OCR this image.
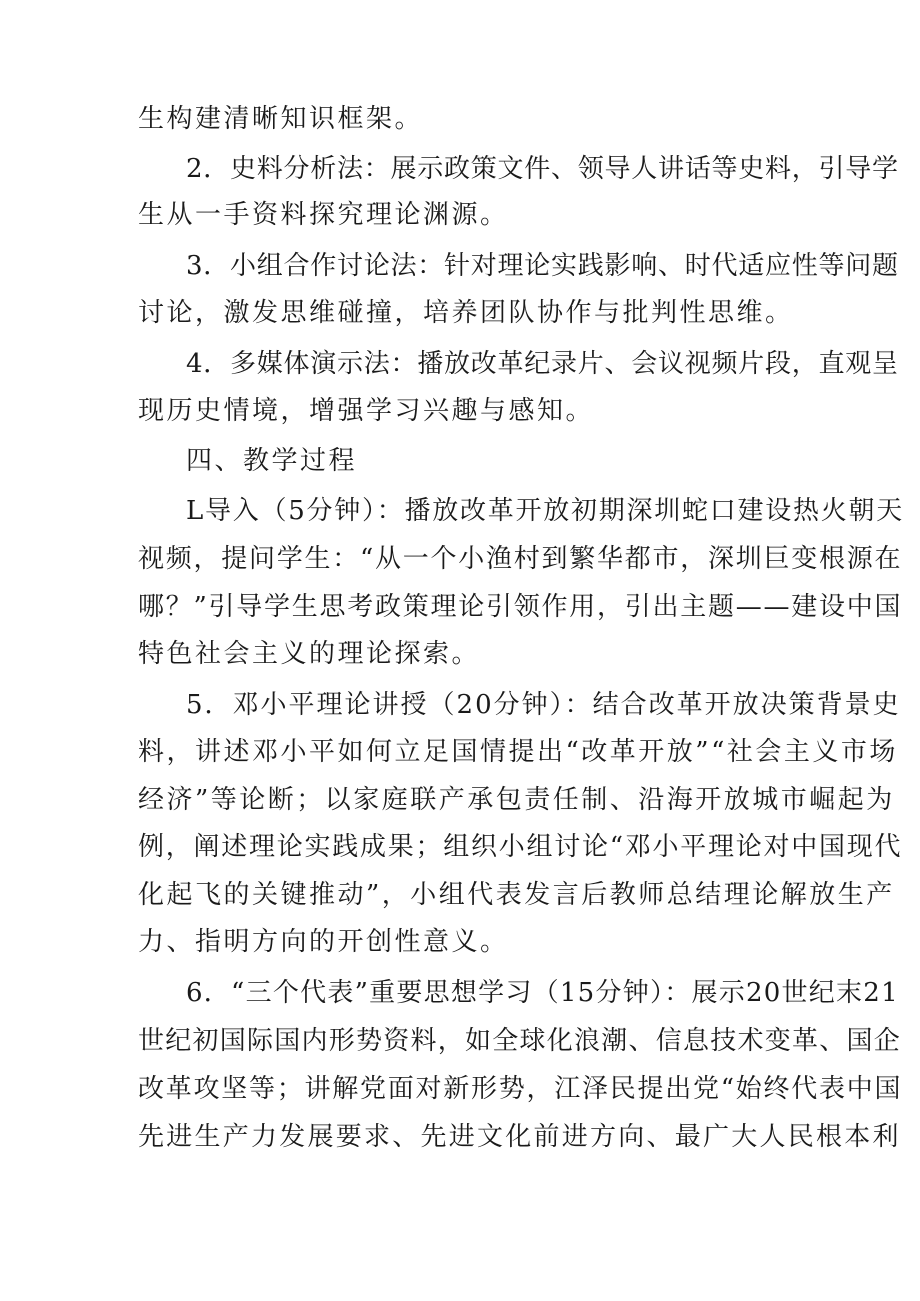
生构建清晰知识框架。

2．史料分析法：展示政策文件、领导人讲话等史料，引导学

生从一手资料探究理论渊源。

3．小组合作讨论法：针对理论实践影响、时代适应性等问题

讨论，激发思维碰撞，培养团队协作与批判性思维。

4．多媒体演示法：播放改革纪录片、会议视频片段，直观呈

现历史情境，增强学习兴趣与感知。

四、教学过程

L导入（5分钟）：播放改革开放初期深圳蛇口建设热火朝天

视频，提问学生：“从一个小渔村到繁华都市，深圳巨变根源在

哪？”引导学生思考政策理论引领作用，引出主题——建设中国

特色社会主义的理论探索。

5．邓小平理论讲授（20分钟）：结合改革开放决策背景史

料，讲述邓小平如何立足国情提出“改革开放”“社会主义市场

经济”等论断；以家庭联产承包责任制、沿海开放城市崛起为

例，阐述理论实践成果；组织小组讨论“邓小平理论对中国现代

化起飞的关键推动”，小组代表发言后教师总结理论解放生产

力、指明方向的开创性意义。

6．“三个代表”重要思想学习（15分钟）：展示20世纪末21

世纪初国际国内形势资料，如全球化浪潮、信息技术变革、国企

改革攻坚等；讲解党面对新形势，江泽民提出党“始终代表中国

先进生产力发展要求、先进文化前进方向、最广大人民根本利
